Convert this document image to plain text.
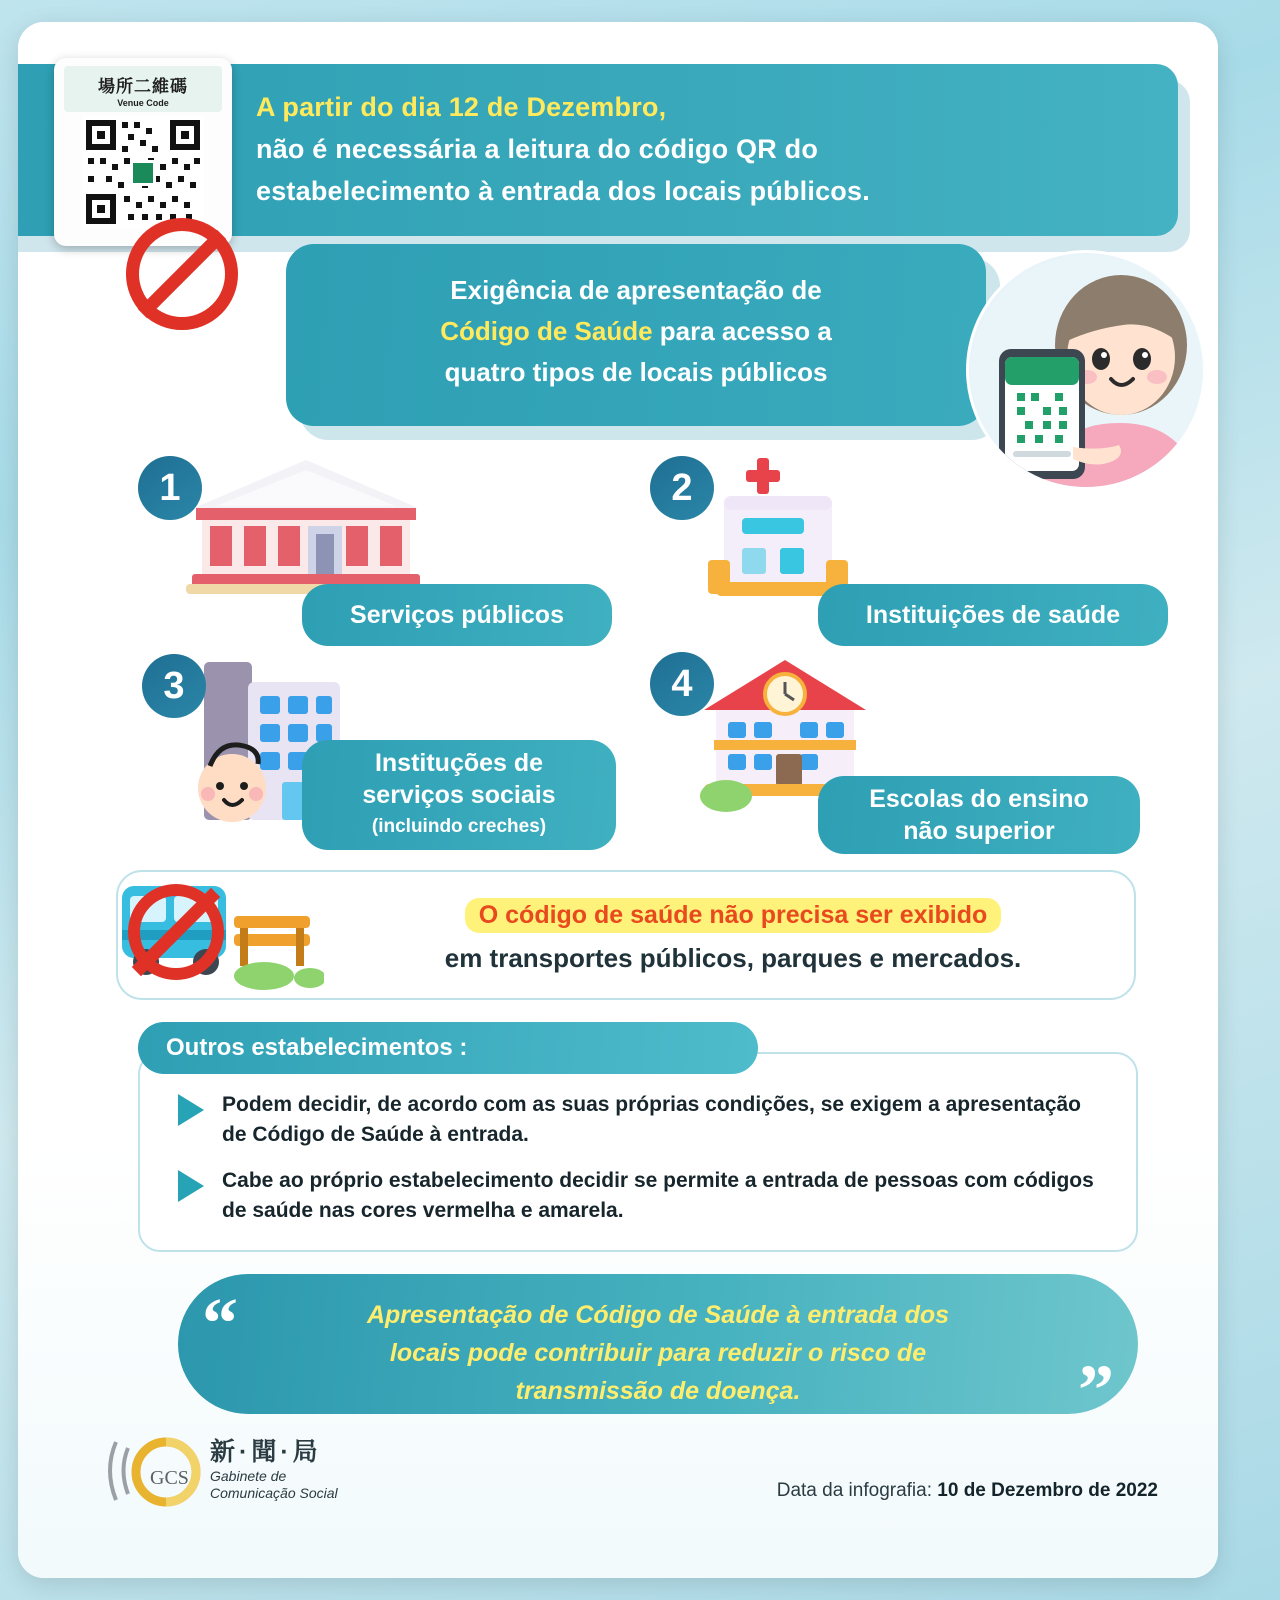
A partir do dia 12 de Dezembro,
não é necessária a leitura do código QR do
estabelecimento à entrada dos locais públicos.
場所二維碼
Venue Code
Exigência de apresentação de
Código de Saúde para acesso a
quatro tipos de locais públicos
1
Serviços públicos
2
Instituições de saúde
3
Instituções de
serviços sociais
(incluindo creches)
4
Escolas do ensino
não superior
O código de saúde não precisa ser exibido
em transportes públicos, parques e mercados.
Outros estabelecimentos :
Podem decidir, de acordo com as suas próprias condições, se exigem a apresentação de Código de Saúde à entrada.
Cabe ao próprio estabelecimento decidir se permite a entrada de pessoas com códigos de saúde nas cores vermelha e amarela.
“
”
Apresentação de Código de Saúde à entrada dos
locais pode contribuir para reduzir o risco de
transmissão de doença.
GCS
新·聞·局
Gabinete de
Comunicação Social	Data da infografia: 10 de Dezembro de 2022
